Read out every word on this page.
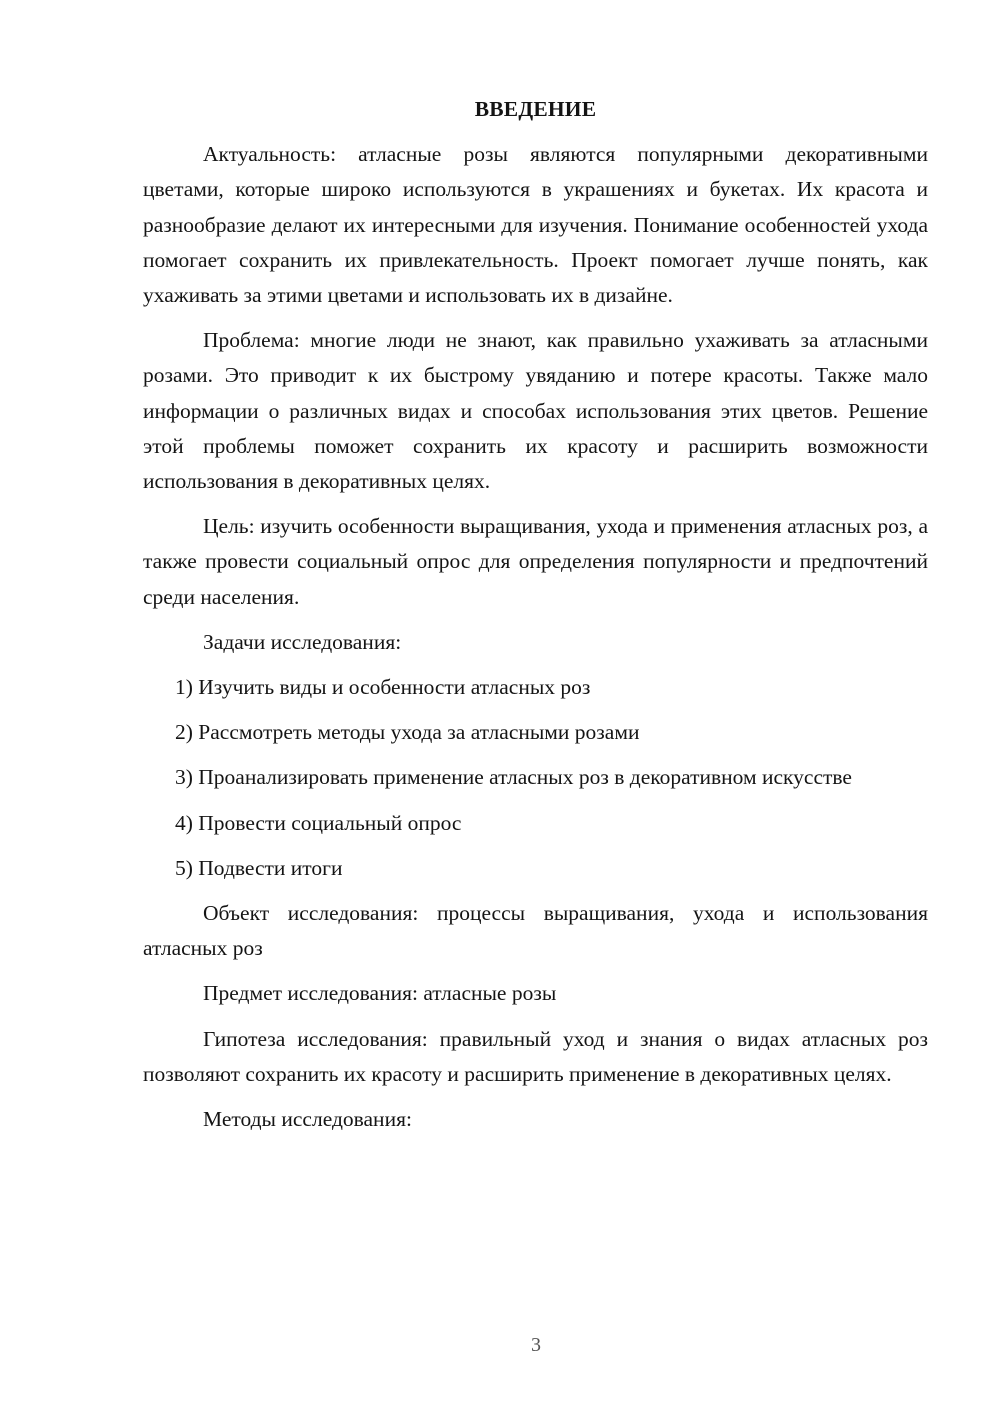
ВВЕДЕНИЕ

Актуальность: атласные розы являются популярными декоративными цветами, которые широко используются в украшениях и букетах. Их красота и разнообразие делают их интересными для изучения. Понимание особенностей ухода помогает сохранить их привлекательность. Проект помогает лучше понять, как ухаживать за этими цветами и использовать их в дизайне.

Проблема: многие люди не знают, как правильно ухаживать за атласными розами. Это приводит к их быстрому увяданию и потере красоты. Также мало информации о различных видах и способах использования этих цветов. Решение этой проблемы поможет сохранить их красоту и расширить возможности использования в декоративных целях.

Цель: изучить особенности выращивания, ухода и применения атласных роз, а также провести социальный опрос для определения популярности и предпочтений среди населения.

Задачи исследования:

1) Изучить виды и особенности атласных роз

2) Рассмотреть методы ухода за атласными розами

3) Проанализировать применение атласных роз в декоративном искусстве

4) Провести социальный опрос

5) Подвести итоги

Объект исследования: процессы выращивания, ухода и использования атласных роз

Предмет исследования: атласные розы

Гипотеза исследования: правильный уход и знания о видах атласных роз позволяют сохранить их красоту и расширить применение в декоративных целях.

Методы исследования:

3
